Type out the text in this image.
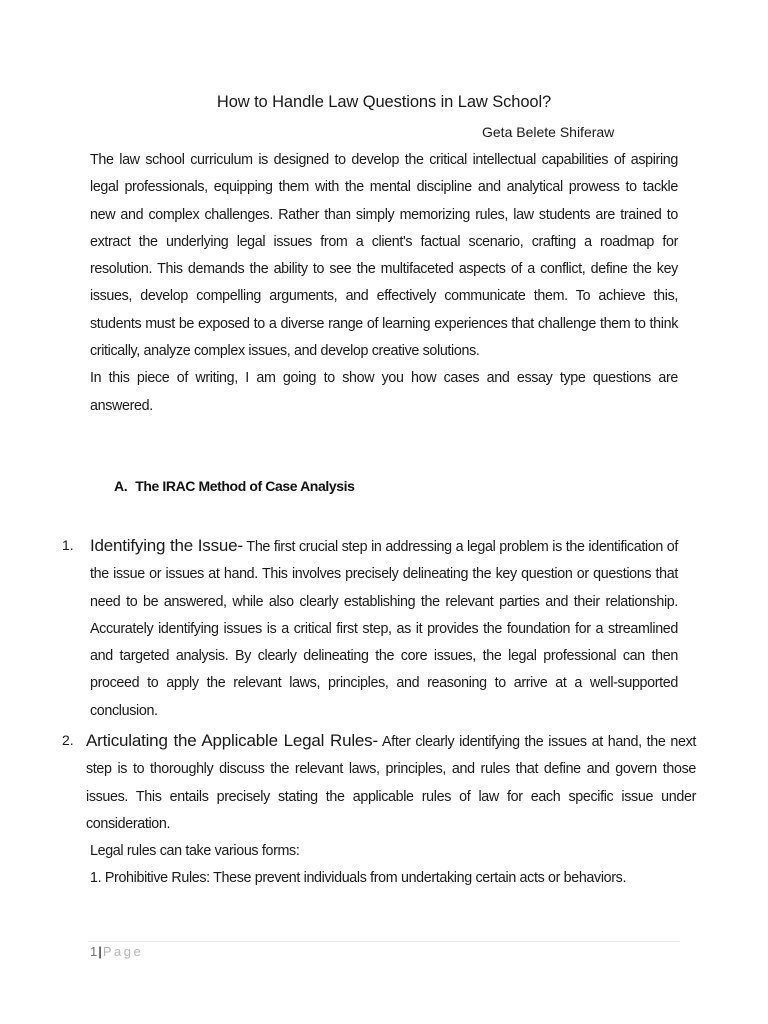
How to Handle Law Questions in Law School?
Geta Belete Shiferaw

The law school curriculum is designed to develop the critical intellectual capabilities of aspiring legal professionals, equipping them with the mental discipline and analytical prowess to tackle new and complex challenges. Rather than simply memorizing rules, law students are trained to extract the underlying legal issues from a client's factual scenario, crafting a roadmap for resolution. This demands the ability to see the multifaceted aspects of a conflict, define the key issues, develop compelling arguments, and effectively communicate them. To achieve this, students must be exposed to a diverse range of learning experiences that challenge them to think critically, analyze complex issues, and develop creative solutions.

In this piece of writing, I am going to show you how cases and essay type questions are answered.

A. The IRAC Method of Case Analysis
1. Identifying the Issue- The first crucial step in addressing a legal problem is the identification of the issue or issues at hand. This involves precisely delineating the key question or questions that need to be answered, while also clearly establishing the relevant parties and their relationship. Accurately identifying issues is a critical first step, as it provides the foundation for a streamlined and targeted analysis. By clearly delineating the core issues, the legal professional can then proceed to apply the relevant laws, principles, and reasoning to arrive at a well-supported conclusion.

2. Articulating the Applicable Legal Rules- After clearly identifying the issues at hand, the next step is to thoroughly discuss the relevant laws, principles, and rules that define and govern those issues. This entails precisely stating the applicable rules of law for each specific issue under consideration.

Legal rules can take various forms:

1. Prohibitive Rules: These prevent individuals from undertaking certain acts or behaviors.

1|Page
